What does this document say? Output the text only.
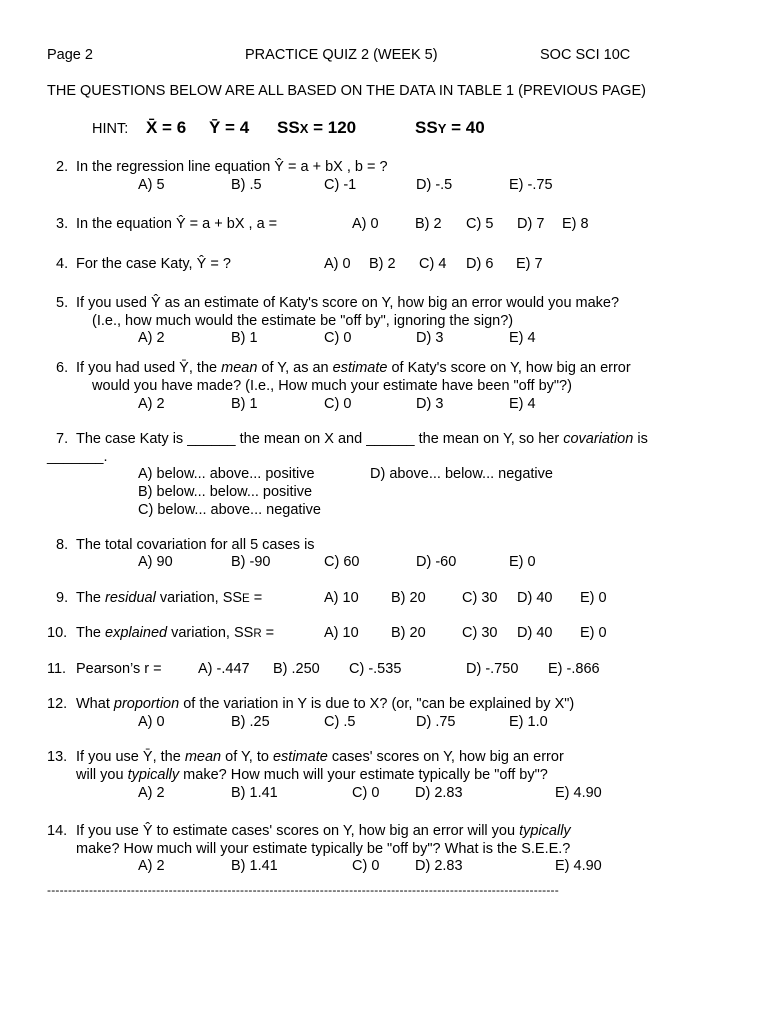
Page 2	PRACTICE QUIZ 2 (WEEK 5)	SOC SCI 10C
THE QUESTIONS BELOW ARE ALL BASED ON THE DATA IN TABLE 1 (PREVIOUS PAGE)
HINT: X̄ = 6 Ȳ = 4 SSX = 120	SSY = 40
2. In the regression line equation Ŷ = a + bX , b = ?
A) 5	B) .5	C) -1	D) -.5	E) -.75
3. In the equation Ŷ = a + bX , a =	A) 0	B) 2 C) 5 D) 7 E) 8
4. For the case Katy, Ŷ = ?	A) 0 B) 2 C) 4 D) 6 E) 7
5. If you used Ŷ as an estimate of Katy's score on Y, how big an error would you make?
(I.e., how much would the estimate be "off by", ignoring the sign?)
A) 2	B) 1	C) 0	D) 3	E) 4
6. If you had used Ȳ, the mean of Y, as an estimate of Katy's score on Y, how big an error
would you have made? (I.e., How much your estimate have been "off by"?)
A) 2	B) 1	C) 0	D) 3	E) 4
7. The case Katy is ______ the mean on X and ______ the mean on Y, so her covariation is
_______.
A) below... above... positive	D) above... below... negative
B) below... below... positive
C) below... above... negative
8. The total covariation for all 5 cases is
A) 90	B) -90	C) 60	D) -60	E) 0
9. The residual variation, SSE =	A) 10 B) 20	C) 30 D) 40 E) 0
10. The explained variation, SSR =	A) 10 B) 20	C) 30 D) 40 E) 0
11. Pearson’s r =	A) -.447 B) .250 C) -.535	D) -.750 E) -.866
12. What proportion of the variation in Y is due to X? (or, "can be explained by X")
A) 0	B) .25	C) .5	D) .75	E) 1.0
13. If you use Ȳ, the mean of Y, to estimate cases' scores on Y, how big an error
will you typically make? How much will your estimate typically be "off by"?
A) 2	B) 1.41	C) 0 D) 2.83	E) 4.90
14. If you use Ŷ to estimate cases' scores on Y, how big an error will you typically
make? How much will your estimate typically be "off by"? What is the S.E.E.?
A) 2	B) 1.41	C) 0 D) 2.83	E) 4.90
--------------------------------------------------------------------------------------------------------------------------
